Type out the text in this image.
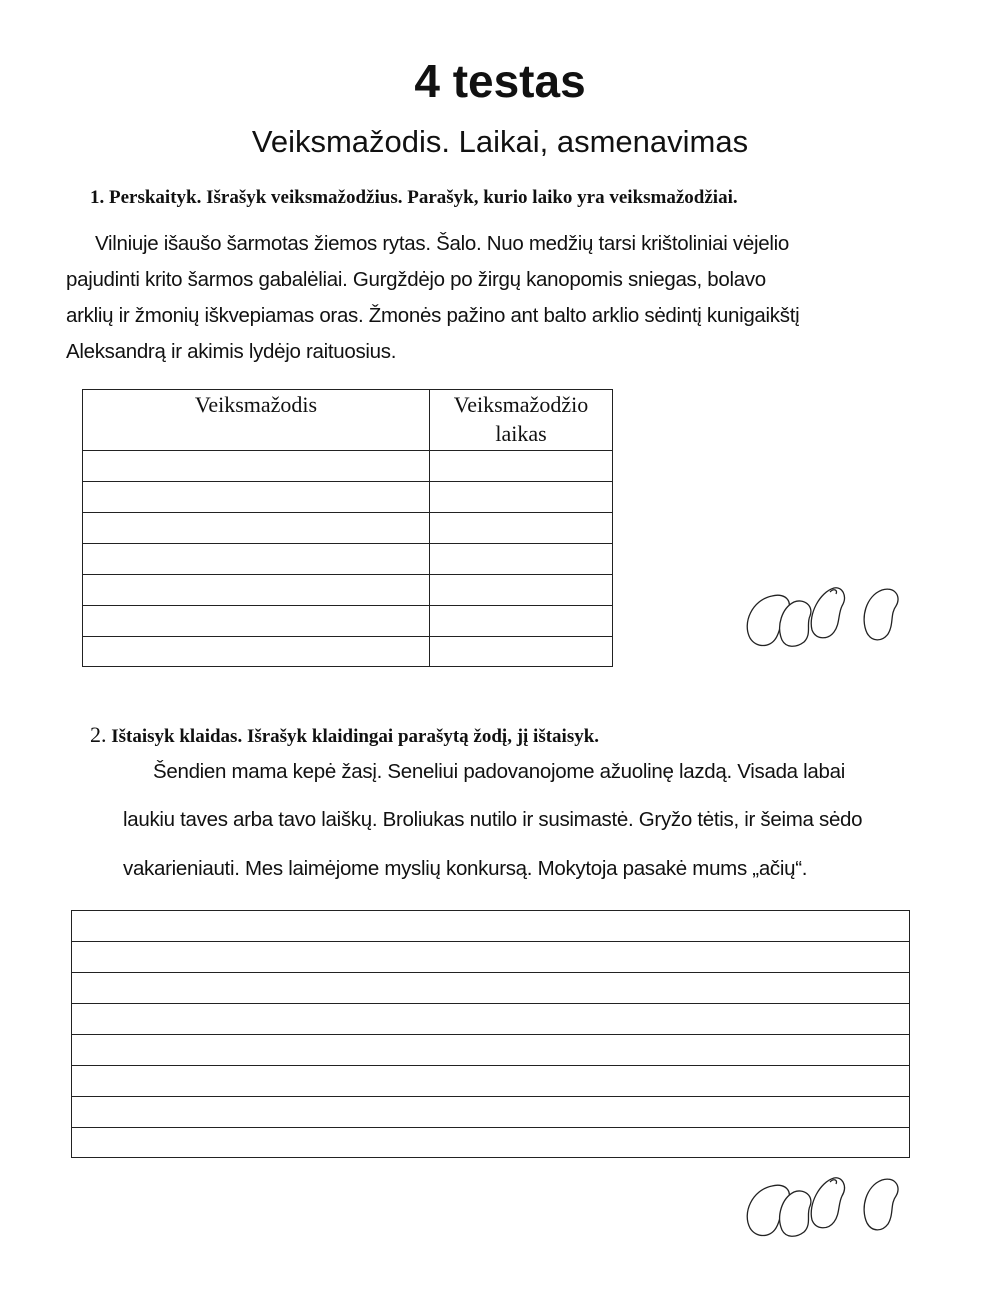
4 testas
Veiksmažodis. Laikai, asmenavimas
1. Perskaityk. Išrašyk veiksmažodžius. Parašyk, kurio laiko yra veiksmažodžiai.
Vilniuje išaušo šarmotas žiemos rytas. Šalo. Nuo medžių tarsi krištoliniai vėjelio
pajudinti krito šarmos gabalėliai. Gurgždėjo po žirgų kanopomis sniegas, bolavo
arklių ir žmonių iškvepiamas oras. Žmonės pažino ant balto arklio sėdintį kunigaikštį
Aleksandrą ir akimis lydėjo raituosius.
Veiksmažodis	Veiksmažodžio laikas

2. Ištaisyk klaidas. Išrašyk klaidingai parašytą žodį, jį ištaisyk.
Šendien mama kepė žasį. Seneliui padovanojome ažuolinę lazdą. Visada labai
laukiu taves arba tavo laiškų. Broliukas nutilo ir susimastė. Gryžo tėtis, ir šeima sėdo
vakarieniauti. Mes laimėjome myslių konkursą. Mokytoja pasakė mums „ačių“.
